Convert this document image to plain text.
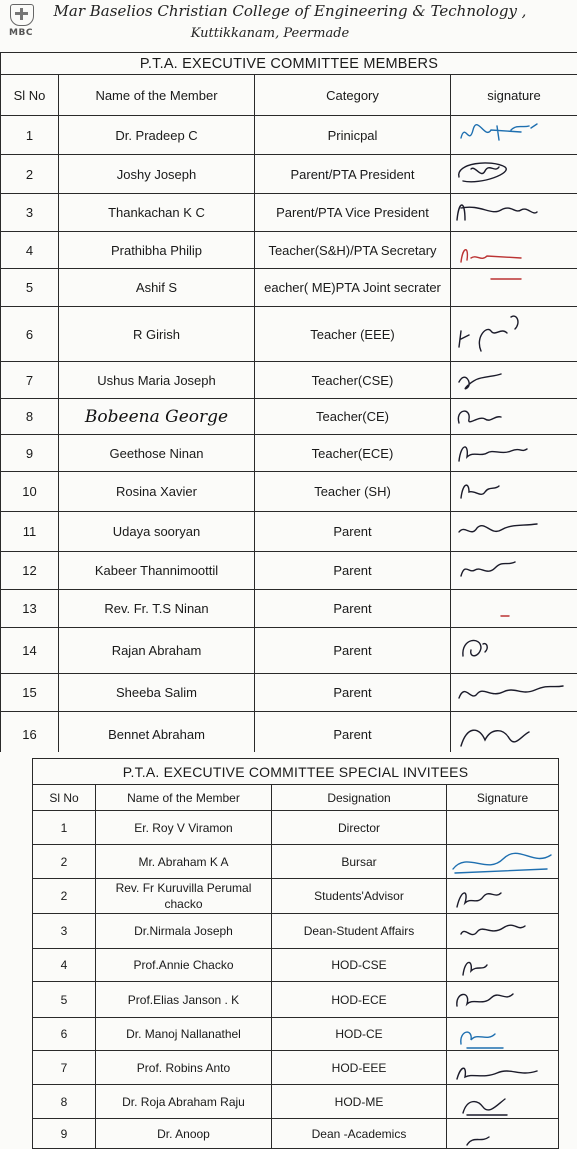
MBC
Mar Baselios Christian College of Engineering & Technology ,
Kuttikkanam, Peermade
P.T.A. EXECUTIVE COMMITTEE MEMBERS			
Sl No	Name of the Member	Category	signature
1	Dr. Pradeep C	Prinicpal	

2	Joshy Joseph	Parent/PTA President	

3	Thankachan K C	Parent/PTA Vice President	

4	Prathibha Philip	Teacher(S&H)/PTA Secretary	

5	Ashif S	eacher( ME)PTA Joint secrater	

6	R Girish	Teacher (EEE)	

7	Ushus Maria Joseph	Teacher(CSE)	

8	Bobeena George	Teacher(CE)	

9	Geethose Ninan	Teacher(ECE)	

10	Rosina Xavier	Teacher (SH)	

11	Udaya sooryan	Parent	

12	Kabeer Thannimoottil	Parent	

13	Rev. Fr. T.S Ninan	Parent	

14	Rajan Abraham	Parent	

15	Sheeba Salim	Parent	

16	Bennet Abraham	Parent	
P.T.A. EXECUTIVE COMMITTEE SPECIAL INVITEES			
Sl No	Name of the Member	Designation	Signature
1	Er. Roy V Viramon	Director	

2	Mr. Abraham K A	Bursar	

2	Rev. Fr Kuruvilla Perumal chacko	Students'Advisor	

3	Dr.Nirmala Joseph	Dean-Student Affairs	

4	Prof.Annie Chacko	HOD-CSE	

5	Prof.Elias Janson . K	HOD-ECE	

6	Dr. Manoj Nallanathel	HOD-CE	

7	Prof. Robins Anto	HOD-EEE	

8	Dr. Roja Abraham Raju	HOD-ME	

9	Dr. Anoop	Dean -Academics	
